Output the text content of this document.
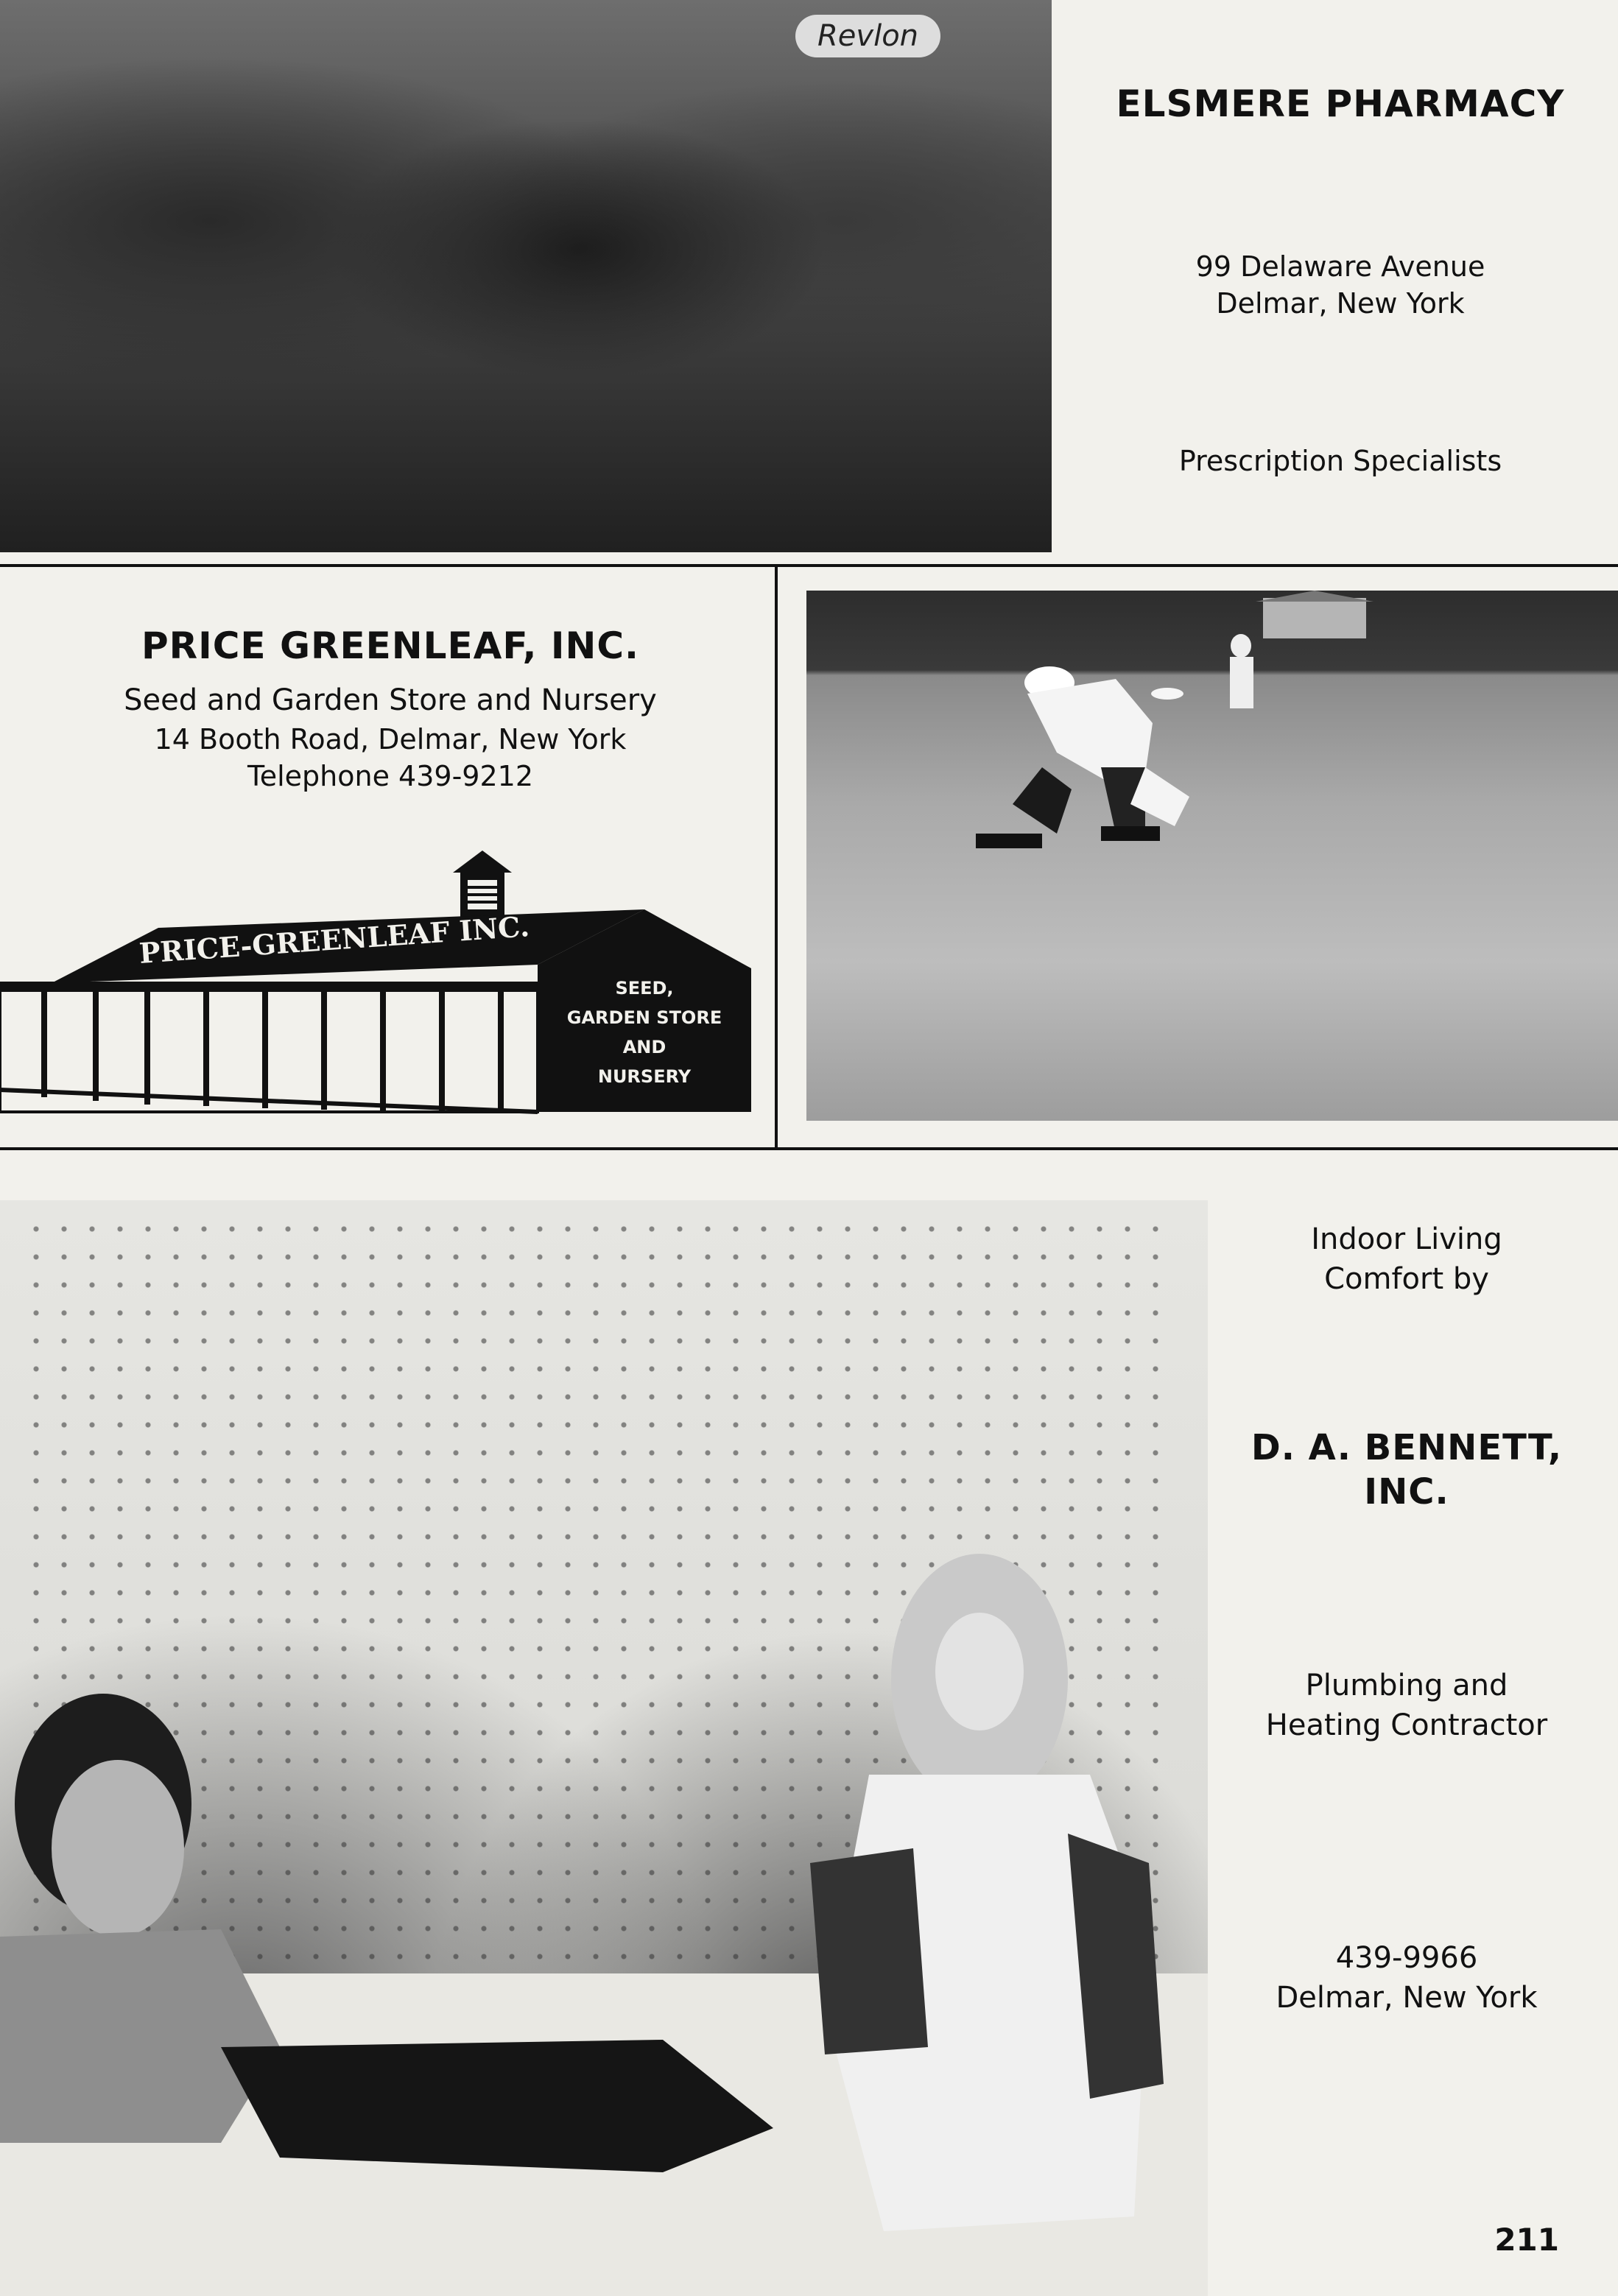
Revlon
ELSMERE PHARMACY
99 Delaware Avenue
Delmar, New York
Prescription Specialists
PRICE GREENLEAF, INC.
Seed and Garden Store and Nursery
14 Booth Road, Delmar, New York
Telephone 439-9212
PRICE-GREENLEAF INC.
SEED,
GARDEN STORE
AND
NURSERY
Indoor Living
Comfort by
D. A. BENNETT,
INC.
Plumbing and
Heating Contractor
439-9966
Delmar, New York
211
